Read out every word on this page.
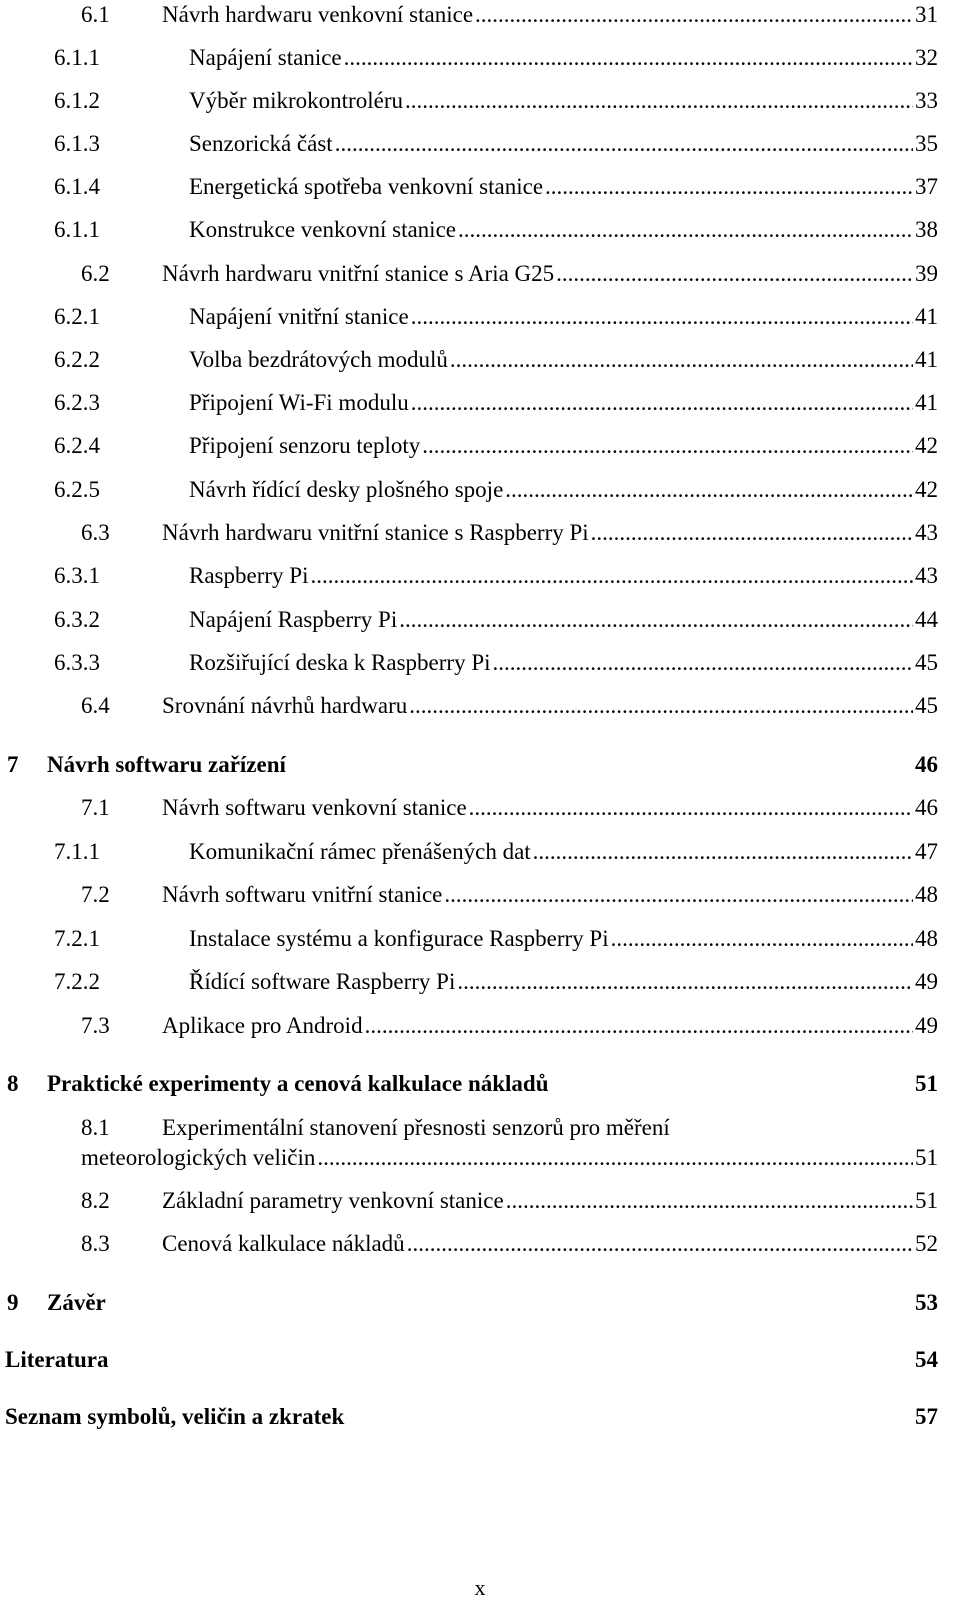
6.1 Návrh hardwaru venkovní stanice .....	31
6.1.1	Napájení stanice .....	32
6.1.2	Výběr mikrokontroléru .....	33
6.1.3	Senzorická část .....	35
6.1.4	Energetická spotřeba venkovní stanice .....	37
6.1.1	Konstrukce venkovní stanice .....	38
6.2 Návrh hardwaru vnitřní stanice s Aria G25 .....	39
6.2.1	Napájení vnitřní stanice .....	41
6.2.2	Volba bezdrátových modulů .....	41
6.2.3	Připojení Wi-Fi modulu .....	41
6.2.4	Připojení senzoru teploty .....	42
6.2.5	Návrh řídící desky plošného spoje .....	42
6.3 Návrh hardwaru vnitřní stanice s Raspberry Pi .....	43
6.3.1	Raspberry Pi .....	43
6.3.2	Napájení Raspberry Pi .....	44
6.3.3	Rozšiřující deska k Raspberry Pi .....	45
6.4 Srovnání návrhů hardwaru .....	45
7 Návrh softwaru zařízení	46
7.1 Návrh softwaru venkovní stanice .....	46
7.1.1	Komunikační rámec přenášených dat .....	47
7.2 Návrh softwaru vnitřní stanice .....	48
7.2.1	Instalace systému a konfigurace Raspberry Pi .....	48
7.2.2	Řídící software Raspberry Pi .....	49
7.3 Aplikace pro Android .....	49
8 Praktické experimenty a cenová kalkulace nákladů	51
8.1 Experimentální stanovení přesnosti senzorů pro měření
meteorologických veličin .....	51
8.2 Základní parametry venkovní stanice .....	51
8.3 Cenová kalkulace nákladů .....	52
9 Závěr	53
Literatura	54
Seznam symbolů, veličin a zkratek	57
x
